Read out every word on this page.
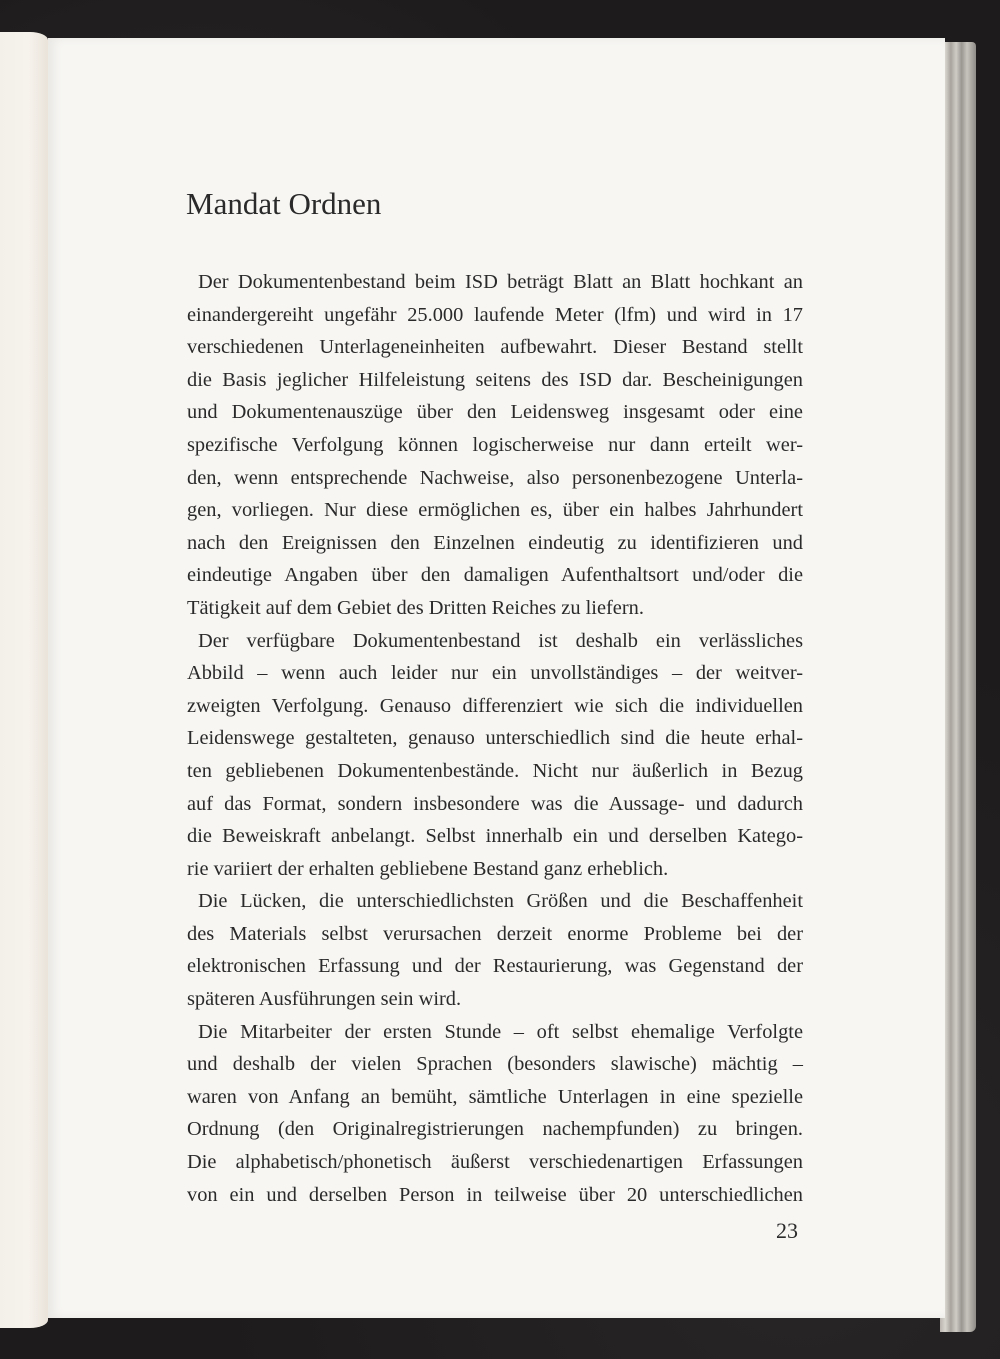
Mandat Ordnen
Der Dokumentenbestand beim ISD beträgt Blatt an Blatt hochkant an
einandergereiht ungefähr 25.000 laufende Meter (lfm) und wird in 17
verschiedenen Unterlageneinheiten aufbewahrt. Dieser Bestand stellt
die Basis jeglicher Hilfeleistung seitens des ISD dar. Bescheinigungen
und Dokumentenauszüge über den Leidensweg insgesamt oder eine
spezifische Verfolgung können logischerweise nur dann erteilt wer-
den, wenn entsprechende Nachweise, also personenbezogene Unterla-
gen, vorliegen. Nur diese ermöglichen es, über ein halbes Jahrhundert
nach den Ereignissen den Einzelnen eindeutig zu identifizieren und
eindeutige Angaben über den damaligen Aufenthaltsort und/oder die
Tätigkeit auf dem Gebiet des Dritten Reiches zu liefern.
Der verfügbare Dokumentenbestand ist deshalb ein verlässliches
Abbild – wenn auch leider nur ein unvollständiges – der weitver-
zweigten Verfolgung. Genauso differenziert wie sich die individuellen
Leidenswege gestalteten, genauso unterschiedlich sind die heute erhal-
ten gebliebenen Dokumentenbestände. Nicht nur äußerlich in Bezug
auf das Format, sondern insbesondere was die Aussage- und dadurch
die Beweiskraft anbelangt. Selbst innerhalb ein und derselben Katego-
rie variiert der erhalten gebliebene Bestand ganz erheblich.
Die Lücken, die unterschiedlichsten Größen und die Beschaffenheit
des Materials selbst verursachen derzeit enorme Probleme bei der
elektronischen Erfassung und der Restaurierung, was Gegenstand der
späteren Ausführungen sein wird.
Die Mitarbeiter der ersten Stunde – oft selbst ehemalige Verfolgte
und deshalb der vielen Sprachen (besonders slawische) mächtig –
waren von Anfang an bemüht, sämtliche Unterlagen in eine spezielle
Ordnung (den Originalregistrierungen nachempfunden) zu bringen.
Die alphabetisch/phonetisch äußerst verschiedenartigen Erfassungen
von ein und derselben Person in teilweise über 20 unterschiedlichen
23
